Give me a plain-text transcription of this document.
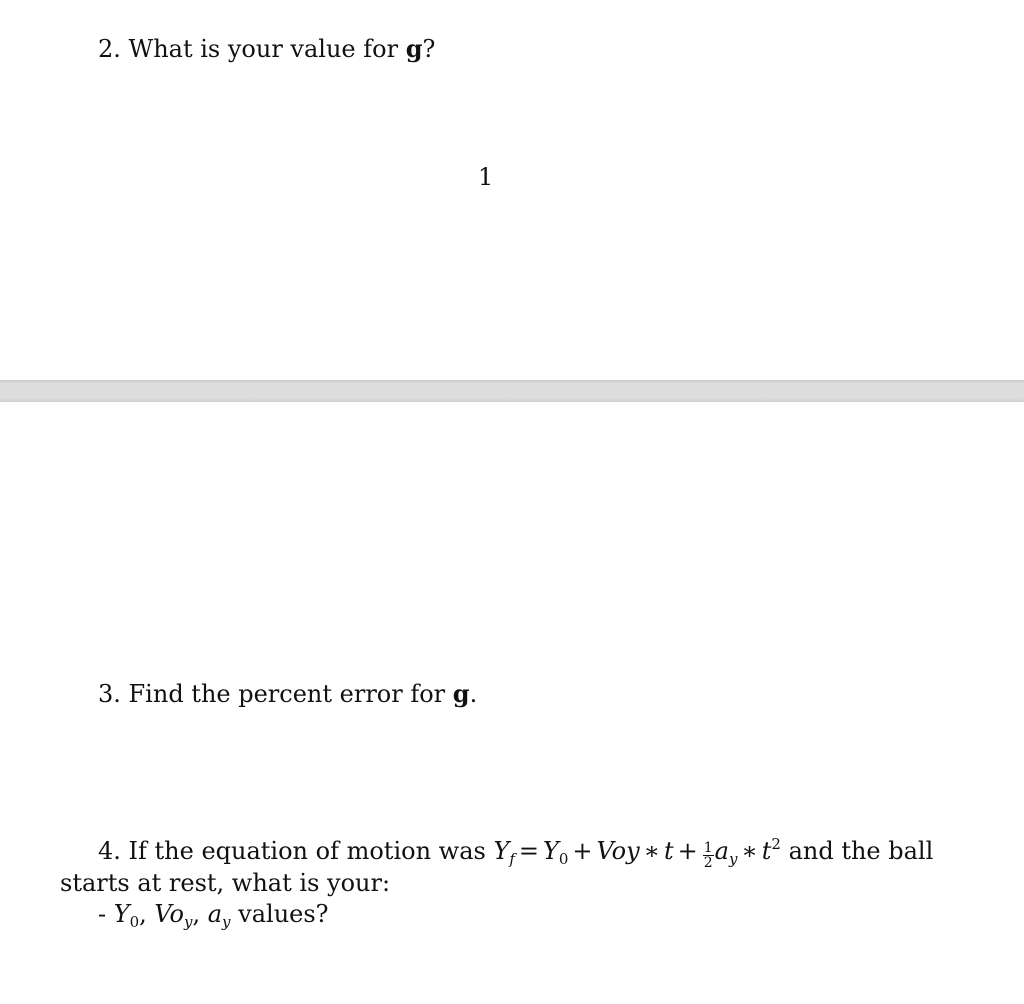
2. What is your value for g?
1
3. Find the percent error for g.
4. If the equation of motion was $Y_f = Y_0$ + Voy ∗ $t + \frac{1}{2} a_y$ ∗ $t^2$ and the ball
starts at rest, what is your:
- $Y_0$, $Vo_y$, $a_y$ values?
